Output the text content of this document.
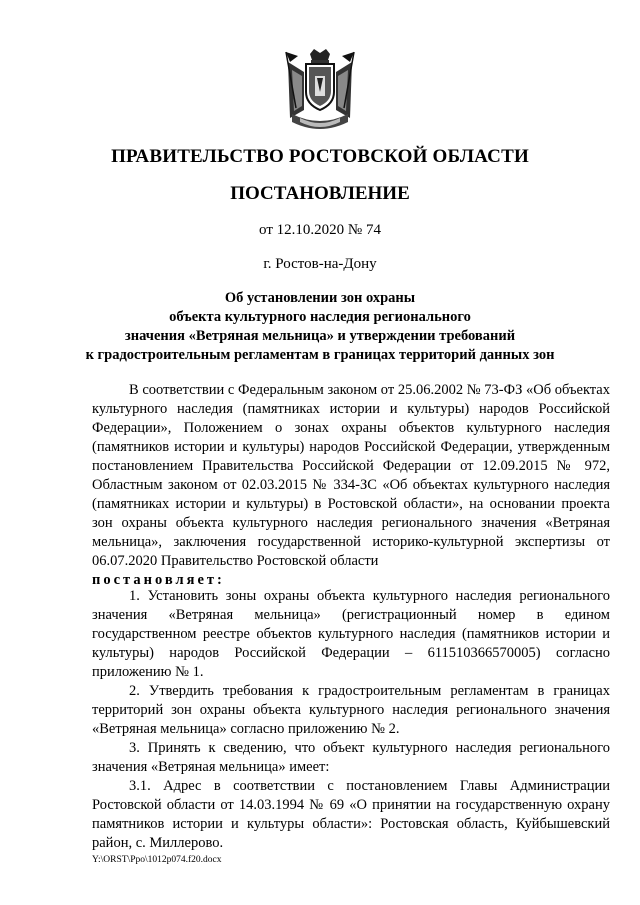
ПРАВИТЕЛЬСТВО РОСТОВСКОЙ ОБЛАСТИ
ПОСТАНОВЛЕНИЕ
от 12.10.2020 № 74
г. Ростов-на-Дону
Об установлении зон охраны
объекта культурного наследия регионального
значения «Ветряная мельница» и утверждении требований
к градостроительным регламентам в границах территорий данных зон

В соответствии с Федеральным законом от 25.06.2002 № 73-ФЗ «Об объектах культурного наследия (памятниках истории и культуры) народов Российской Федерации», Положением о зонах охраны объектов культурного наследия (памятников истории и культуры) народов Российской Федерации, утвержденным постановлением Правительства Российской Федерации от 12.09.2015 № 972, Областным законом от 02.03.2015 № 334-ЗС «Об объектах культурного наследия (памятниках истории и культуры) в Ростовской области», на основании проекта зон охраны объекта культурного наследия регионального значения «Ветряная мельница», заключения государственной историко-культурной экспертизы от 06.07.2020 Правительство Ростовской области
постановляет:

1. Установить зоны охраны объекта культурного наследия регионального значения «Ветряная мельница» (регистрационный номер в едином государственном реестре объектов культурного наследия (памятников истории и культуры) народов Российской Федерации – 611510366570005) согласно приложению № 1.

2. Утвердить требования к градостроительным регламентам в границах территорий зон охраны объекта культурного наследия регионального значения «Ветряная мельница» согласно приложению № 2.

3. Принять к сведению, что объект культурного наследия регионального значения «Ветряная мельница» имеет:

3.1. Адрес в соответствии с постановлением Главы Администрации Ростовской области от 14.03.1994 № 69 «О принятии на государственную охрану памятников истории и культуры области»: Ростовская область, Куйбышевский район, с. Миллерово.

Y:\ORST\Ppo\1012p074.f20.docx
